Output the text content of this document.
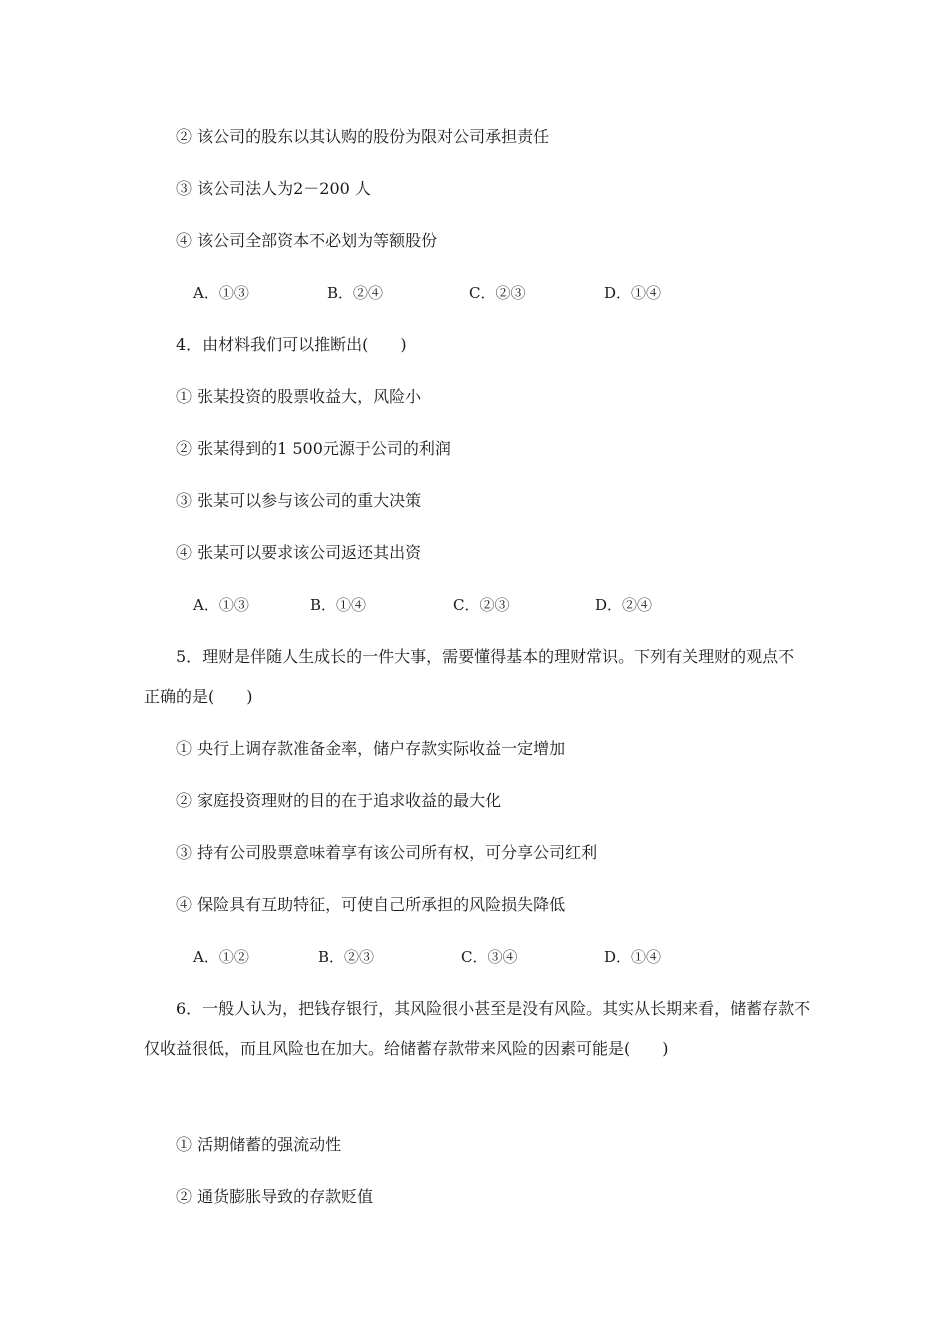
② 该公司的股东以其认购的股份为限对公司承担责任
③ 该公司法人为2－200 人
④ 该公司全部资本不必划为等额股份
A．①③	B．②④	C．②③	D．①④
4．由材料我们可以推断出(　　)
① 张某投资的股票收益大，风险小
② 张某得到的1 500元源于公司的利润
③ 张某可以参与该公司的重大决策
④ 张某可以要求该公司返还其出资
A．①③	B．①④	C．②③	D．②④
5．理财是伴随人生成长的一件大事，需要懂得基本的理财常识。下列有关理财的观点不
正确的是(　　)
① 央行上调存款准备金率，储户存款实际收益一定增加
② 家庭投资理财的目的在于追求收益的最大化
③ 持有公司股票意味着享有该公司所有权，可分享公司红利
④ 保险具有互助特征，可使自己所承担的风险损失降低
A．①②	B．②③	C．③④	D．①④
6．一般人认为，把钱存银行，其风险很小甚至是没有风险。其实从长期来看，储蓄存款不
仅收益很低，而且风险也在加大。给储蓄存款带来风险的因素可能是(　　)
① 活期储蓄的强流动性
② 通货膨胀导致的存款贬值
